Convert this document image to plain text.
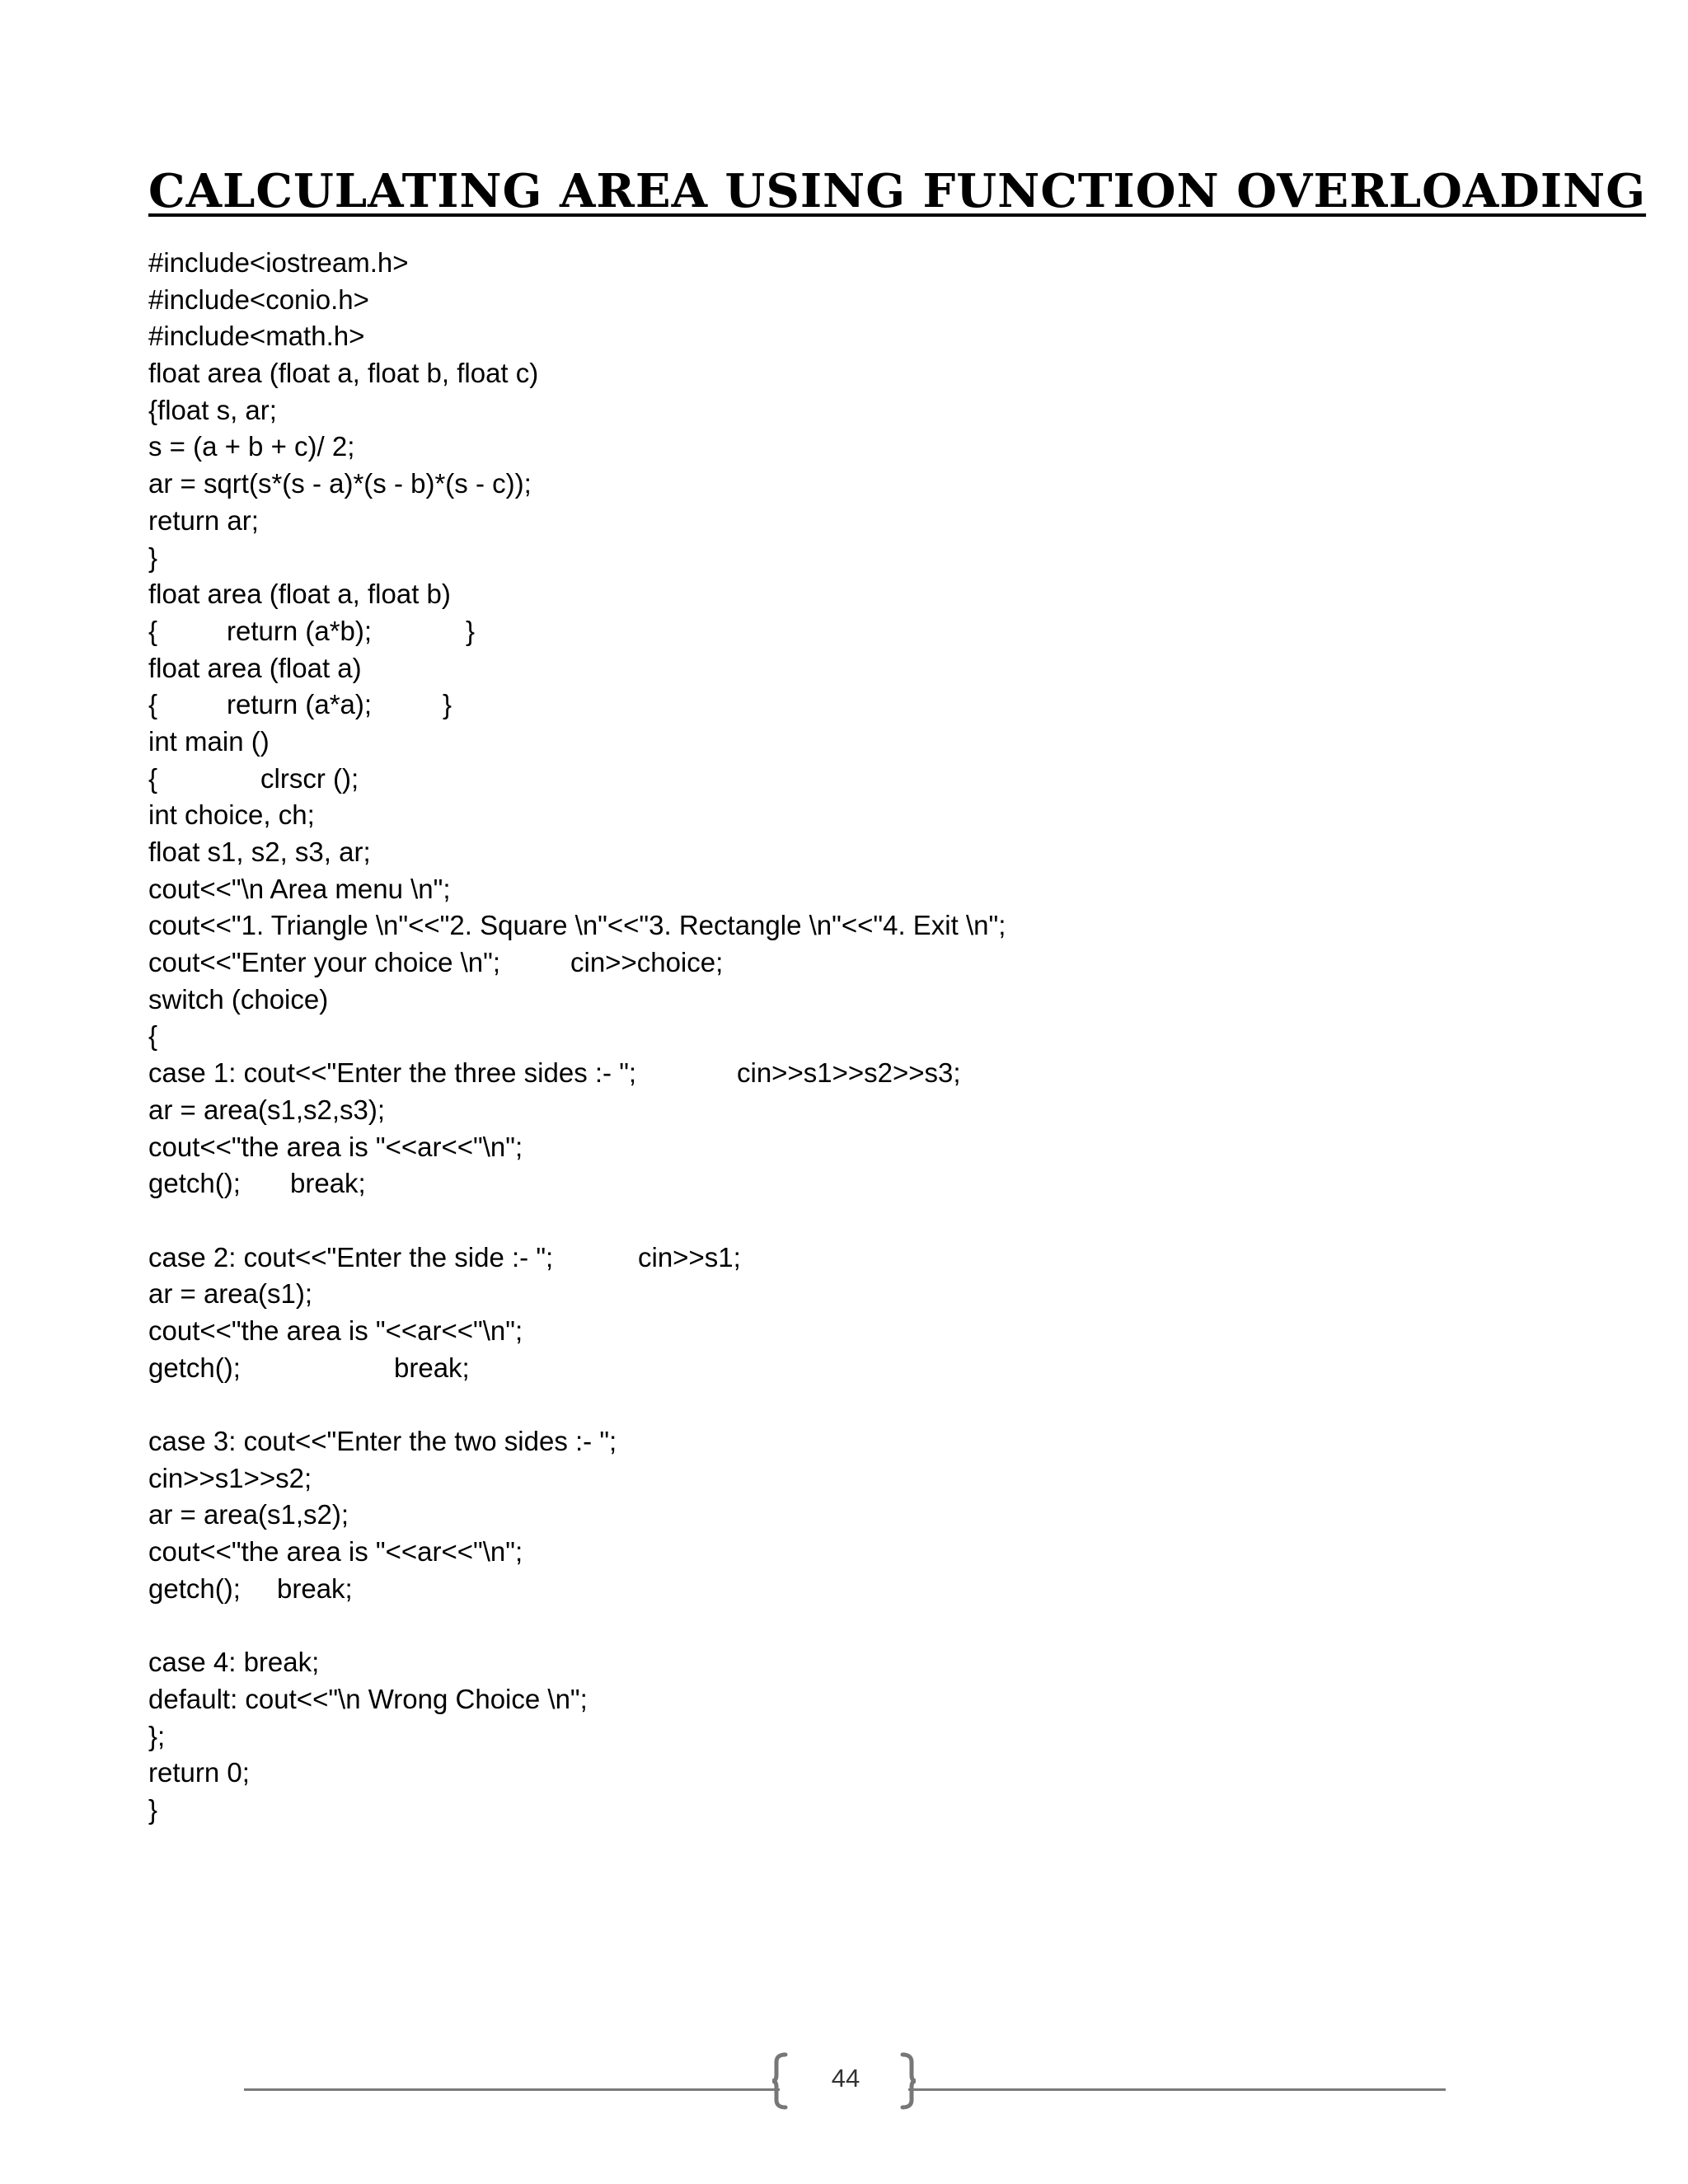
CALCULATING AREA USING FUNCTION OVERLOADING
#include<iostream.h>
#include<conio.h>
#include<math.h>
float area (float a, float b, float c)
{float s, ar;
s = (a + b + c)/ 2;
ar = sqrt(s*(s - a)*(s - b)*(s - c));
return ar;
}
float area (float a, float b)
{	return (a*b);	}
float area (float a)
{	return (a*a);	}
int main ()
{	clrscr ();
int choice, ch;
float s1, s2, s3, ar;
cout<<"\n Area menu \n";
cout<<"1. Triangle \n"<<"2. Square \n"<<"3. Rectangle \n"<<"4. Exit \n";
cout<<"Enter your choice \n";	cin>>choice;
switch (choice)
{
case 1: cout<<"Enter the three sides :- ";	cin>>s1>>s2>>s3;
ar = area(s1,s2,s3);
cout<<"the area is "<<ar<<"\n";
getch(); break;
case 2: cout<<"Enter the side :- ";	cin>>s1;
ar = area(s1);
cout<<"the area is "<<ar<<"\n";
getch();	break;
case 3: cout<<"Enter the two sides :- ";
cin>>s1>>s2;
ar = area(s1,s2);
cout<<"the area is "<<ar<<"\n";
getch(); break;
case 4: break;
default: cout<<"\n Wrong Choice \n";
};
return 0;
}
44
